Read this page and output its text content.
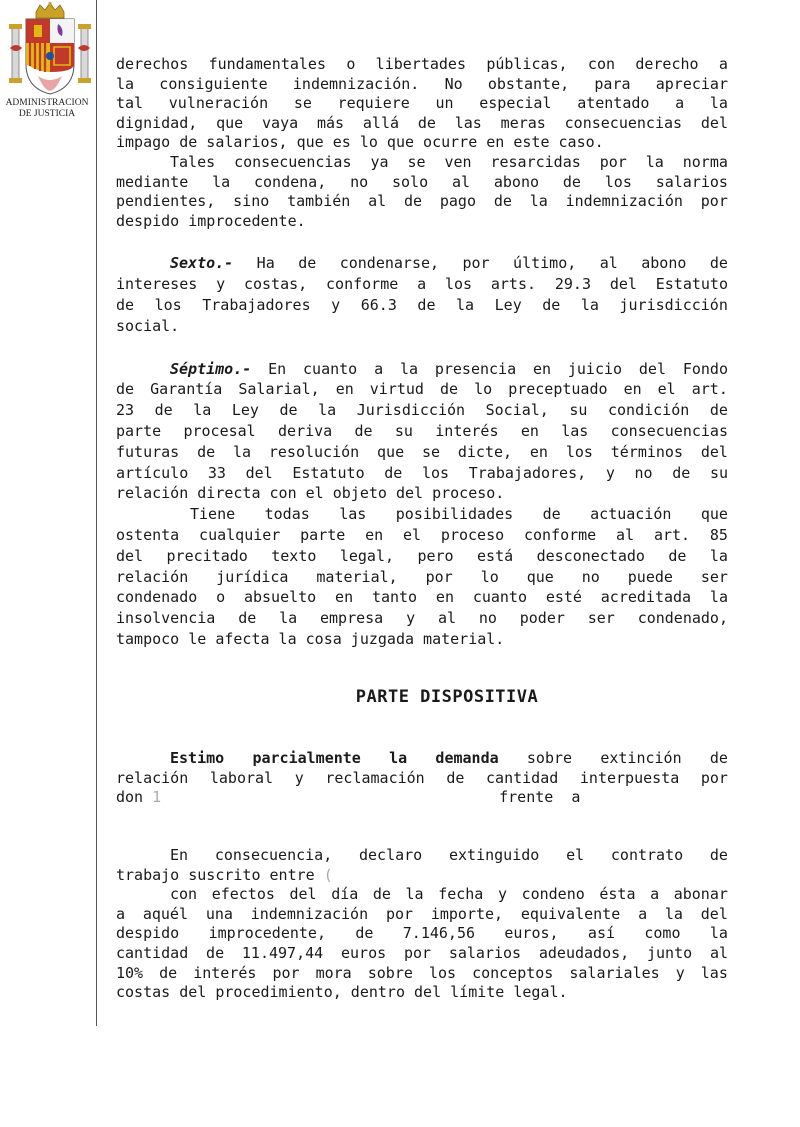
ADMINISTRACION
DE JUSTICIA
derechos fundamentales o libertades públicas, con derecho a
la consiguiente indemnización. No obstante, para apreciar
tal vulneración se requiere un especial atentado a la
dignidad, que vaya más allá de las meras consecuencias del
impago de salarios, que es lo que ocurre en este caso.
Tales consecuencias ya se ven resarcidas por la norma
mediante la condena, no solo al abono de los salarios
pendientes, sino también al de pago de la indemnización por
despido improcedente.
Sexto.- Ha de condenarse, por último, al abono de
intereses y costas, conforme a los arts. 29.3 del Estatuto
de los Trabajadores y 66.3 de la Ley de la jurisdicción
social.
Séptimo.- En cuanto a la presencia en juicio del Fondo
de Garantía Salarial, en virtud de lo preceptuado en el art.
23 de la Ley de la Jurisdicción Social, su condición de
parte procesal deriva de su interés en las consecuencias
futuras de la resolución que se dicte, en los términos del
artículo 33 del Estatuto de los Trabajadores, y no de su
relación directa con el objeto del proceso.
Tiene todas las posibilidades de actuación que
ostenta cualquier parte en el proceso conforme al art. 85
del precitado texto legal, pero está desconectado de la
relación jurídica material, por lo que no puede ser
condenado o absuelto en tanto en cuanto esté acreditada la
insolvencia de la empresa y al no poder ser condenado,
tampoco le afecta la cosa juzgada material.
PARTE DISPOSITIVA
Estimo parcialmente la demanda sobre extinción de
relación laboral y reclamación de cantidad interpuesta por
don 1	frente  a
En consecuencia, declaro extinguido el contrato de
trabajo suscrito entre (
con efectos del día de la fecha y condeno ésta a abonar
a aquél una indemnización por importe, equivalente a la del
despido improcedente, de 7.146,56 euros, así como la
cantidad de 11.497,44 euros por salarios adeudados, junto al
10% de interés por mora sobre los conceptos salariales y las
costas del procedimiento, dentro del límite legal.
